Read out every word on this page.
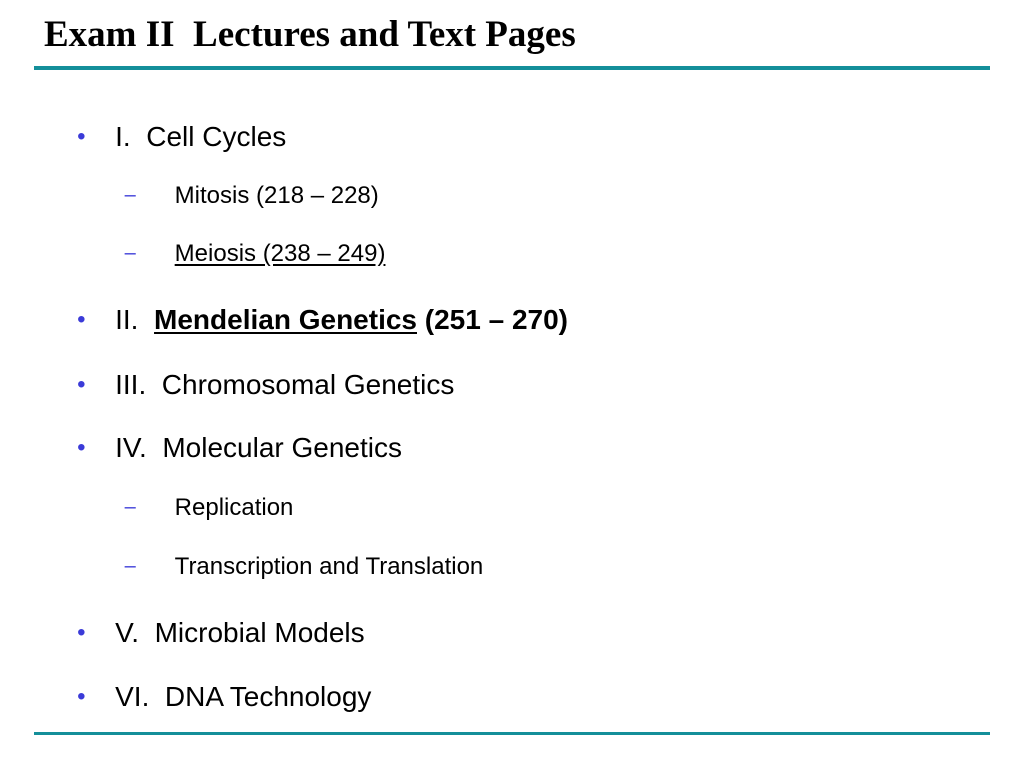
Exam II  Lectures and Text Pages

• I.  Cell Cycles

– Mitosis (218 – 228)

– Meiosis (238 – 249)

• II.  Mendelian Genetics (251 – 270)

• III.  Chromosomal Genetics

• IV.  Molecular Genetics

– Replication

– Transcription and Translation

• V.  Microbial Models

• VI.  DNA Technology
